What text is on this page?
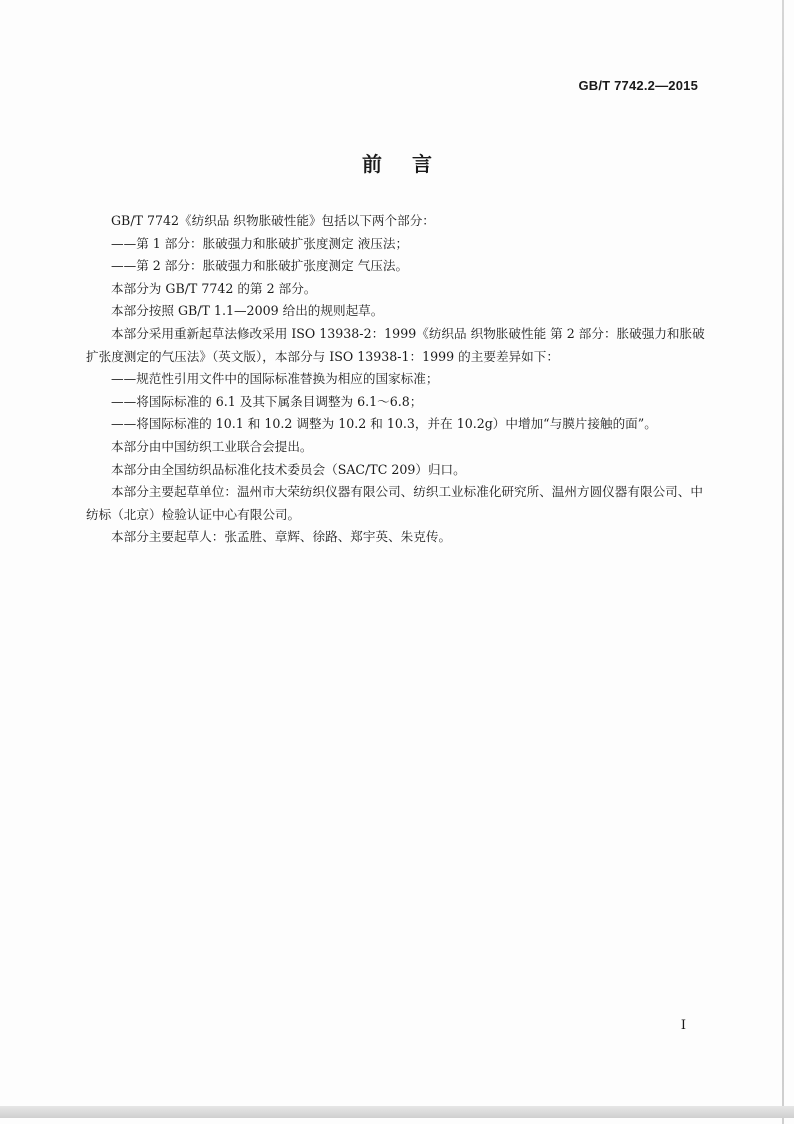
GB/T 7742.2—2015
前言

GB/T 7742《纺织品 织物胀破性能》包括以下两个部分：

——第 1 部分：胀破强力和胀破扩张度测定 液压法；

——第 2 部分：胀破强力和胀破扩张度测定 气压法。

本部分为 GB/T 7742 的第 2 部分。

本部分按照 GB/T 1.1—2009 给出的规则起草。

本部分采用重新起草法修改采用 ISO 13938-2：1999《纺织品 织物胀破性能 第 2 部分：胀破强力和胀破扩张度测定的气压法》（英文版），本部分与 ISO 13938-1：1999 的主要差异如下：

——规范性引用文件中的国际标准替换为相应的国家标准；

——将国际标准的 6.1 及其下属条目调整为 6.1～6.8；

——将国际标准的 10.1 和 10.2 调整为 10.2 和 10.3，并在 10.2g）中增加“与膜片接触的面”。

本部分由中国纺织工业联合会提出。

本部分由全国纺织品标准化技术委员会（SAC/TC 209）归口。

本部分主要起草单位：温州市大荣纺织仪器有限公司、纺织工业标准化研究所、温州方圆仪器有限公司、中纺标（北京）检验认证中心有限公司。

本部分主要起草人：张孟胜、章辉、徐路、郑宇英、朱克传。

I
